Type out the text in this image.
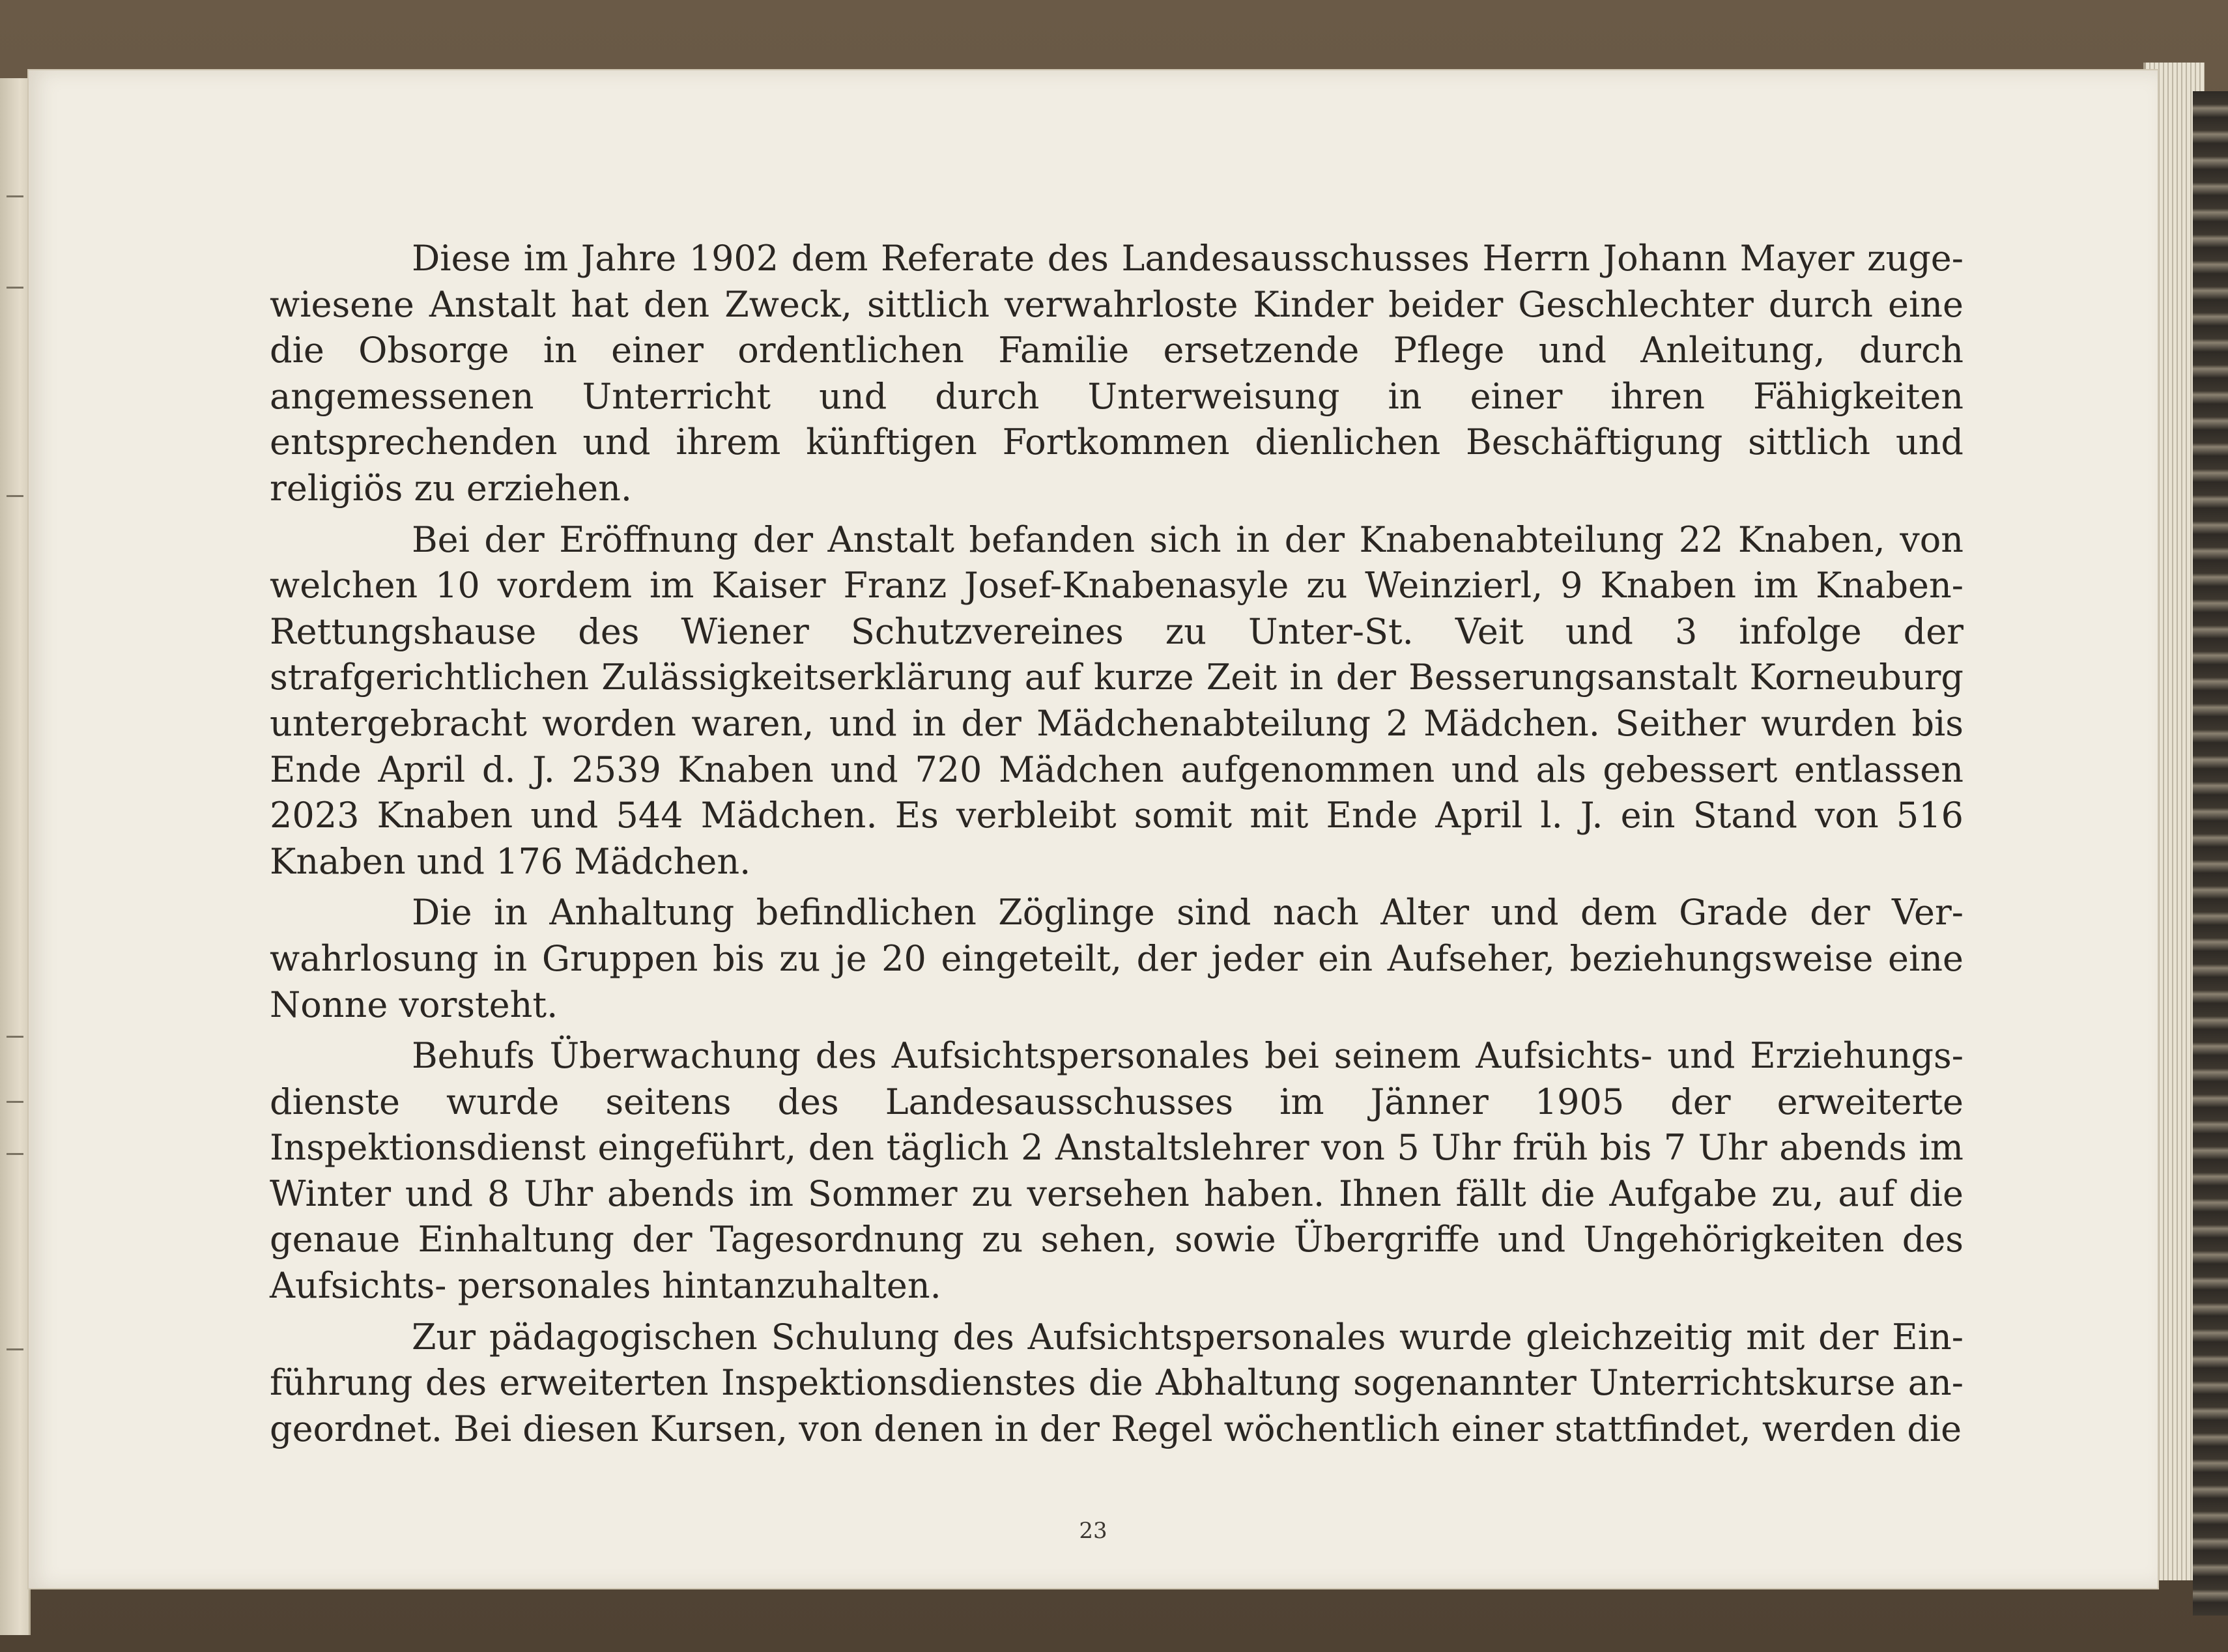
Diese im Jahre 1902 dem Referate des Landesausschusses Herrn Johann Mayer zuge- wiesene Anstalt hat den Zweck, sittlich verwahrloste Kinder beider Geschlechter durch eine die Obsorge in einer ordentlichen Familie ersetzende Pflege und Anleitung, durch angemessenen Unterricht und durch Unterweisung in einer ihren Fähigkeiten entsprechenden und ihrem künftigen Fortkommen dienlichen Beschäftigung sittlich und religiös zu erziehen.

Bei der Eröffnung der Anstalt befanden sich in der Knabenabteilung 22 Knaben, von welchen 10 vordem im Kaiser Franz Josef-Knabenasyle zu Weinzierl, 9 Knaben im Knaben- Rettungshause des Wiener Schutzvereines zu Unter-St. Veit und 3 infolge der strafgerichtlichen Zulässigkeitserklärung auf kurze Zeit in der Besserungsanstalt Korneuburg untergebracht worden waren, und in der Mädchenabteilung 2 Mädchen. Seither wurden bis Ende April d. J. 2539 Knaben und 720 Mädchen aufgenommen und als gebessert entlassen 2023 Knaben und 544 Mädchen. Es verbleibt somit mit Ende April l. J. ein Stand von 516 Knaben und 176 Mädchen.

Die in Anhaltung befindlichen Zöglinge sind nach Alter und dem Grade der Ver- wahrlosung in Gruppen bis zu je 20 eingeteilt, der jeder ein Aufseher, beziehungsweise eine Nonne vorsteht.

Behufs Überwachung des Aufsichtspersonales bei seinem Aufsichts- und Erziehungs- dienste wurde seitens des Landesausschusses im Jänner 1905 der erweiterte Inspektionsdienst eingeführt, den täglich 2 Anstaltslehrer von 5 Uhr früh bis 7 Uhr abends im Winter und 8 Uhr abends im Sommer zu versehen haben. Ihnen fällt die Aufgabe zu, auf die genaue Einhaltung der Tagesordnung zu sehen, sowie Übergriffe und Ungehörigkeiten des Aufsichts- personales hintanzuhalten.

Zur pädagogischen Schulung des Aufsichtspersonales wurde gleichzeitig mit der Ein- führung des erweiterten Inspektionsdienstes die Abhaltung sogenannter Unterrichtskurse an- geordnet. Bei diesen Kursen, von denen in der Regel wöchentlich einer stattfindet, werden die

23
